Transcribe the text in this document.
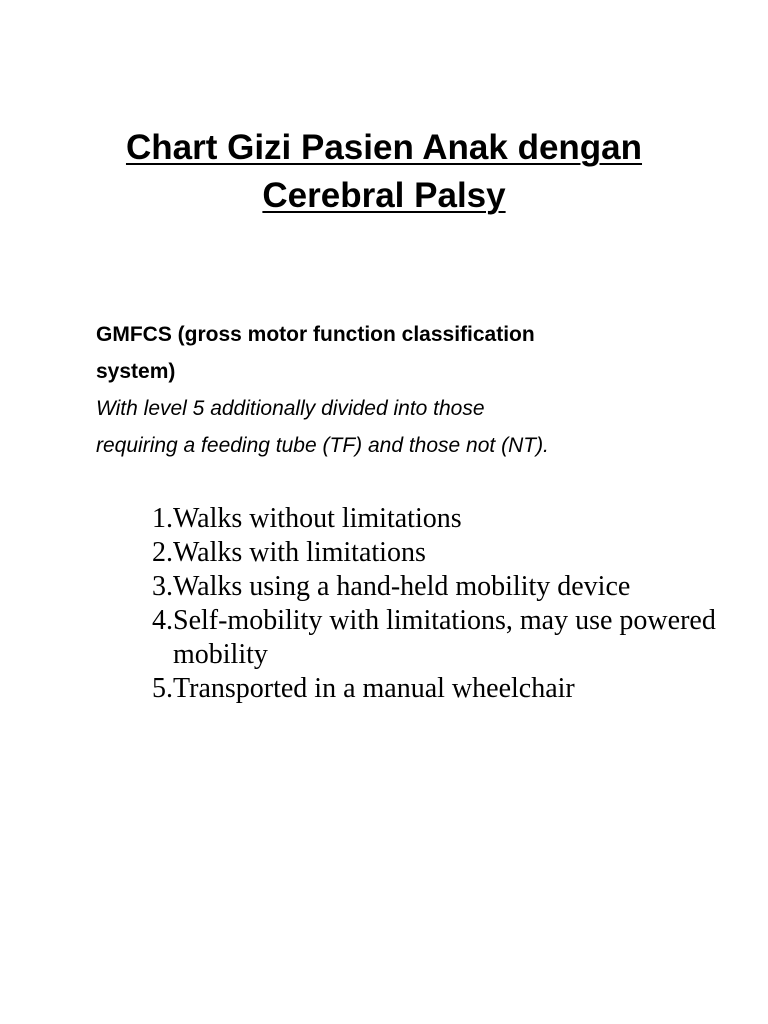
Chart Gizi Pasien Anak dengan
Cerebral Palsy
GMFCS (gross motor function classification
system)
With level 5 additionally divided into those
requiring a feeding tube (TF) and those not (NT).
1. Walks without limitations
2. Walks with limitations
3. Walks using a hand-held mobility device
4. Self-mobility with limitations, may use powered mobility
5. Transported in a manual wheelchair
